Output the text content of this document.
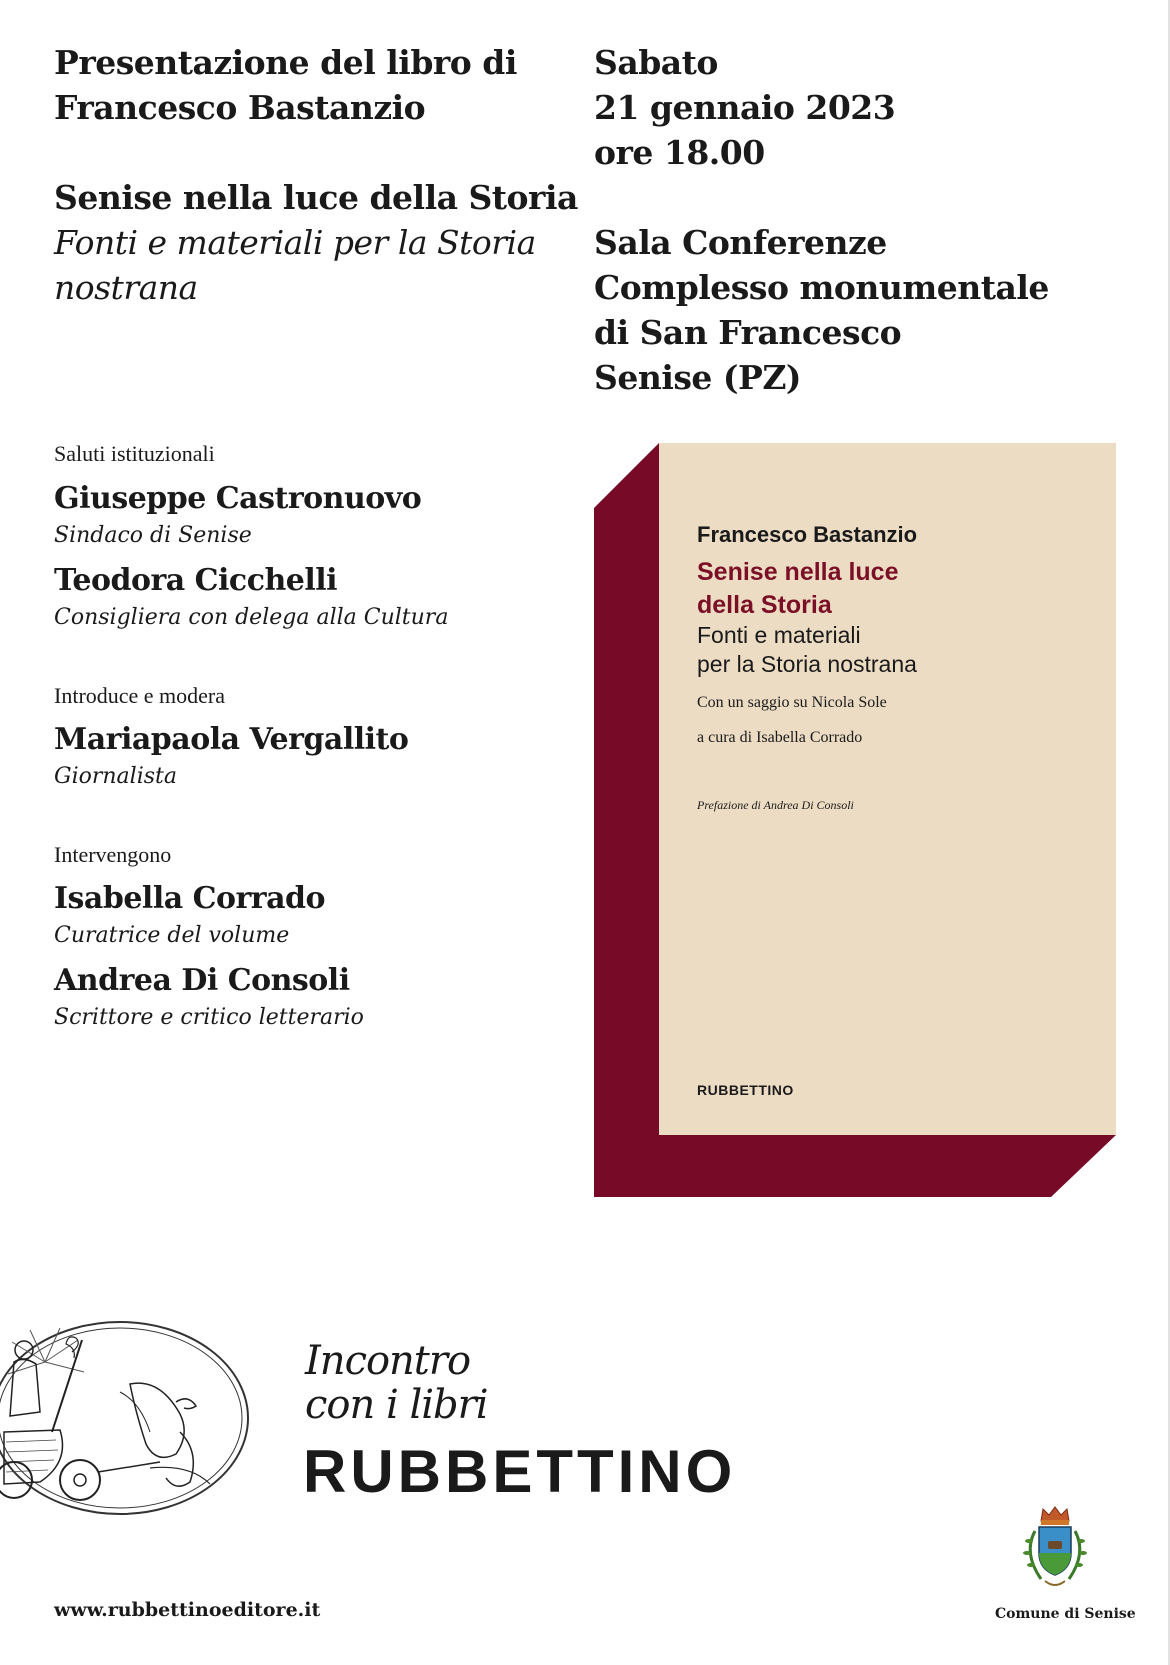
Presentazione del libro di
Francesco Bastanzio
Senise nella luce della Storia
Fonti e materiali per la Storia
nostrana
Sabato
21 gennaio 2023
ore 18.00
Sala Conferenze
Complesso monumentale
di San Francesco
Senise (PZ)
Saluti istituzionali
Giuseppe Castronuovo
Sindaco di Senise
Teodora Cicchelli
Consigliera con delega alla Cultura
Introduce e modera
Mariapaola Vergallito
Giornalista
Intervengono
Isabella Corrado
Curatrice del volume
Andrea Di Consoli
Scrittore e critico letterario
Francesco Bastanzio
Senise nella luce
della Storia
Fonti e materiali
per la Storia nostrana
Con un saggio su Nicola Sole
a cura di Isabella Corrado
Prefazione di Andrea Di Consoli
RUBBETTINO
Incontro
con i libri
RUBBETTINO
www.rubbettinoeditore.it	Comune di Senise
